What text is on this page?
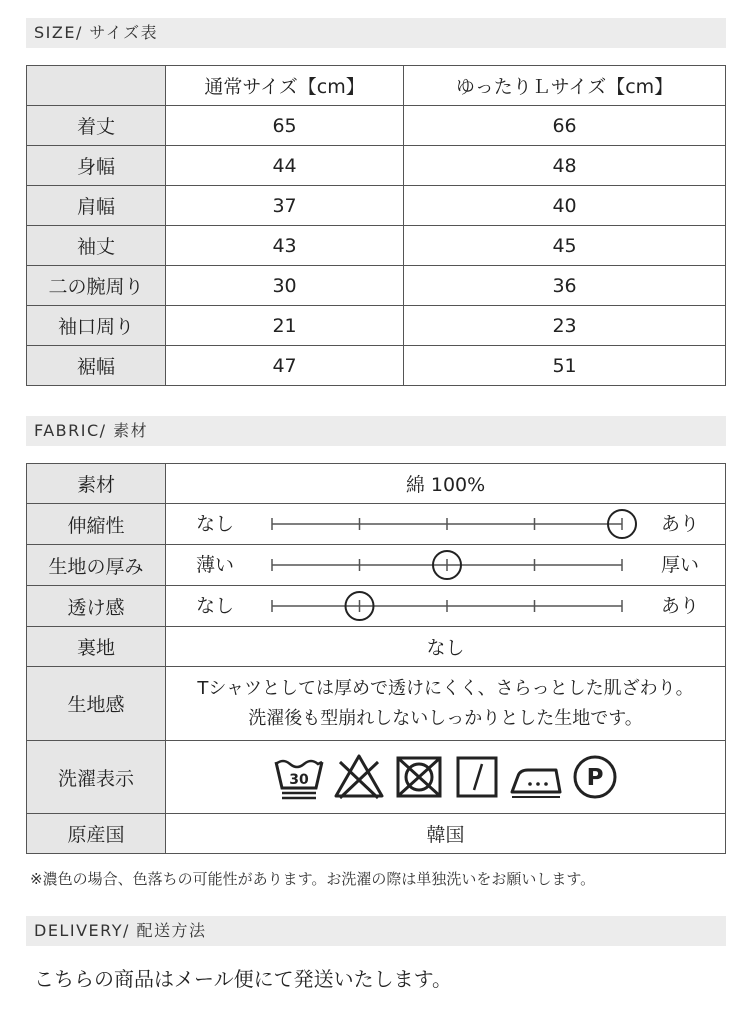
SIZE/ サイズ表
	通常サイズ【cm】	ゆったりＬサイズ【cm】
着丈	65	66
身幅	44	48
肩幅	37	40
袖丈	43	45
二の腕周り	30	36
袖口周り	21	23
裾幅	47	51
FABRIC/ 素材
素材	綿 100%
伸縮性	なし あり

生地の厚み	薄い 厚い

透け感	なし あり

裏地	なし
生地感	Tシャツとしては厚めで透けにくく、さらっとした肌ざわり。
洗濯後も型崩れしないしっかりとした生地です。

洗濯表示	30 P

原産国	韓国
※濃色の場合、色落ちの可能性があります。お洗濯の際は単独洗いをお願いします。
DELIVERY/ 配送方法
こちらの商品はメール便にて発送いたします。
